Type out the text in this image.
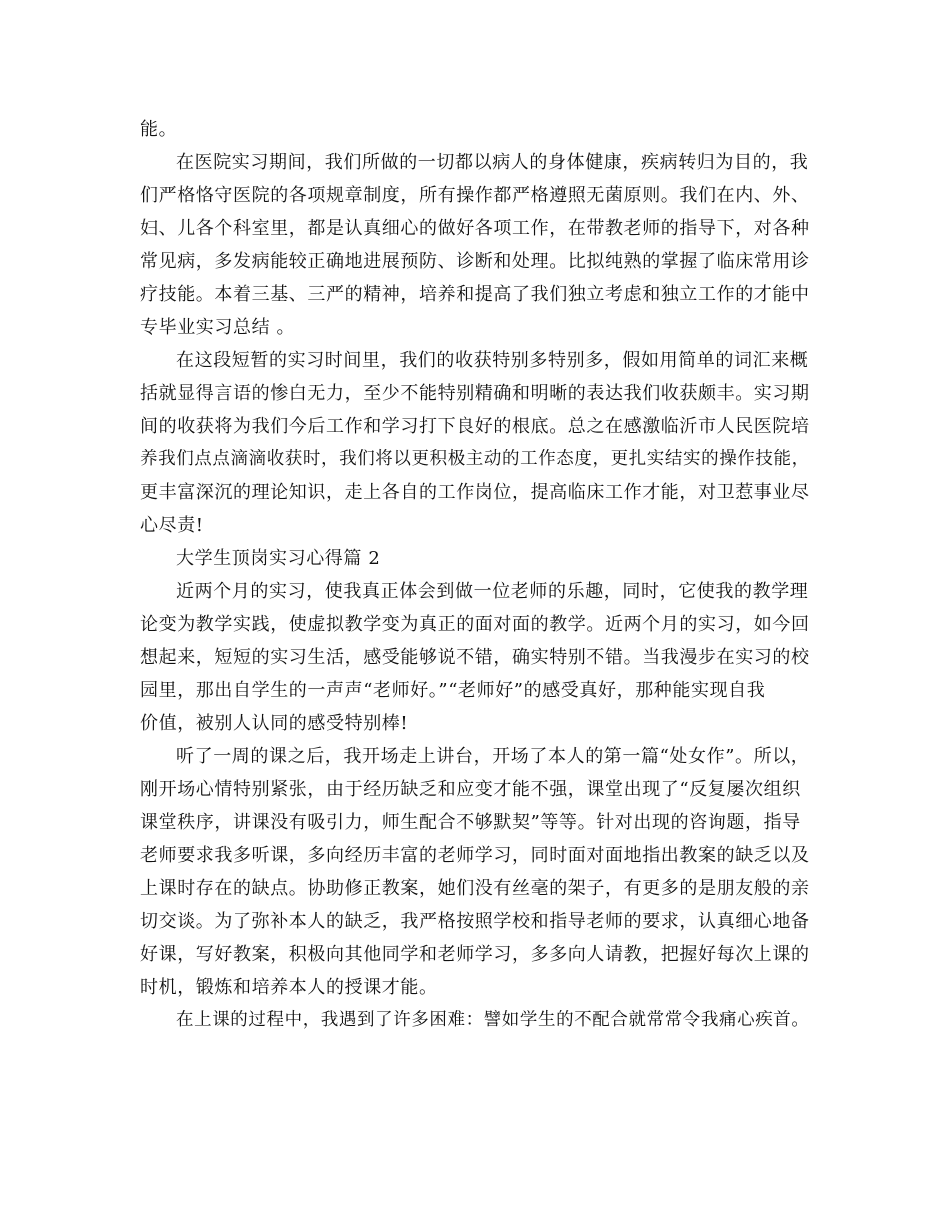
能。
在医院实习期间，我们所做的一切都以病人的身体健康，疾病转归为目的，我
们严格恪守医院的各项规章制度，所有操作都严格遵照无菌原则。我们在内、外、
妇、儿各个科室里，都是认真细心的做好各项工作，在带教老师的指导下，对各种
常见病，多发病能较正确地进展预防、诊断和处理。比拟纯熟的掌握了临床常用诊
疗技能。本着三基、三严的精神，培养和提高了我们独立考虑和独立工作的才能中
专毕业实习总结 。
在这段短暂的实习时间里，我们的收获特别多特别多，假如用简单的词汇来概
括就显得言语的惨白无力，至少不能特别精确和明晰的表达我们收获颇丰。实习期
间的收获将为我们今后工作和学习打下良好的根底。总之在感激临沂市人民医院培
养我们点点滴滴收获时，我们将以更积极主动的工作态度，更扎实结实的操作技能，
更丰富深沉的理论知识，走上各自的工作岗位，提高临床工作才能，对卫惹事业尽
心尽责!
大学生顶岗实习心得篇 2
近两个月的实习，使我真正体会到做一位老师的乐趣，同时，它使我的教学理
论变为教学实践，使虚拟教学变为真正的面对面的教学。近两个月的实习，如今回
想起来，短短的实习生活，感受能够说不错，确实特别不错。当我漫步在实习的校
园里，那出自学生的一声声“老师好。”“老师好”的感受真好，那种能实现自我
价值，被别人认同的感受特别棒!
听了一周的课之后，我开场走上讲台，开场了本人的第一篇“处女作”。所以，
刚开场心情特别紧张，由于经历缺乏和应变才能不强，课堂出现了“反复屡次组织
课堂秩序，讲课没有吸引力，师生配合不够默契”等等。针对出现的咨询题，指导
老师要求我多听课，多向经历丰富的老师学习，同时面对面地指出教案的缺乏以及
上课时存在的缺点。协助修正教案，她们没有丝毫的架子，有更多的是朋友般的亲
切交谈。为了弥补本人的缺乏，我严格按照学校和指导老师的要求，认真细心地备
好课，写好教案，积极向其他同学和老师学习，多多向人请教，把握好每次上课的
时机，锻炼和培养本人的授课才能。
在上课的过程中，我遇到了许多困难：譬如学生的不配合就常常令我痛心疾首。
